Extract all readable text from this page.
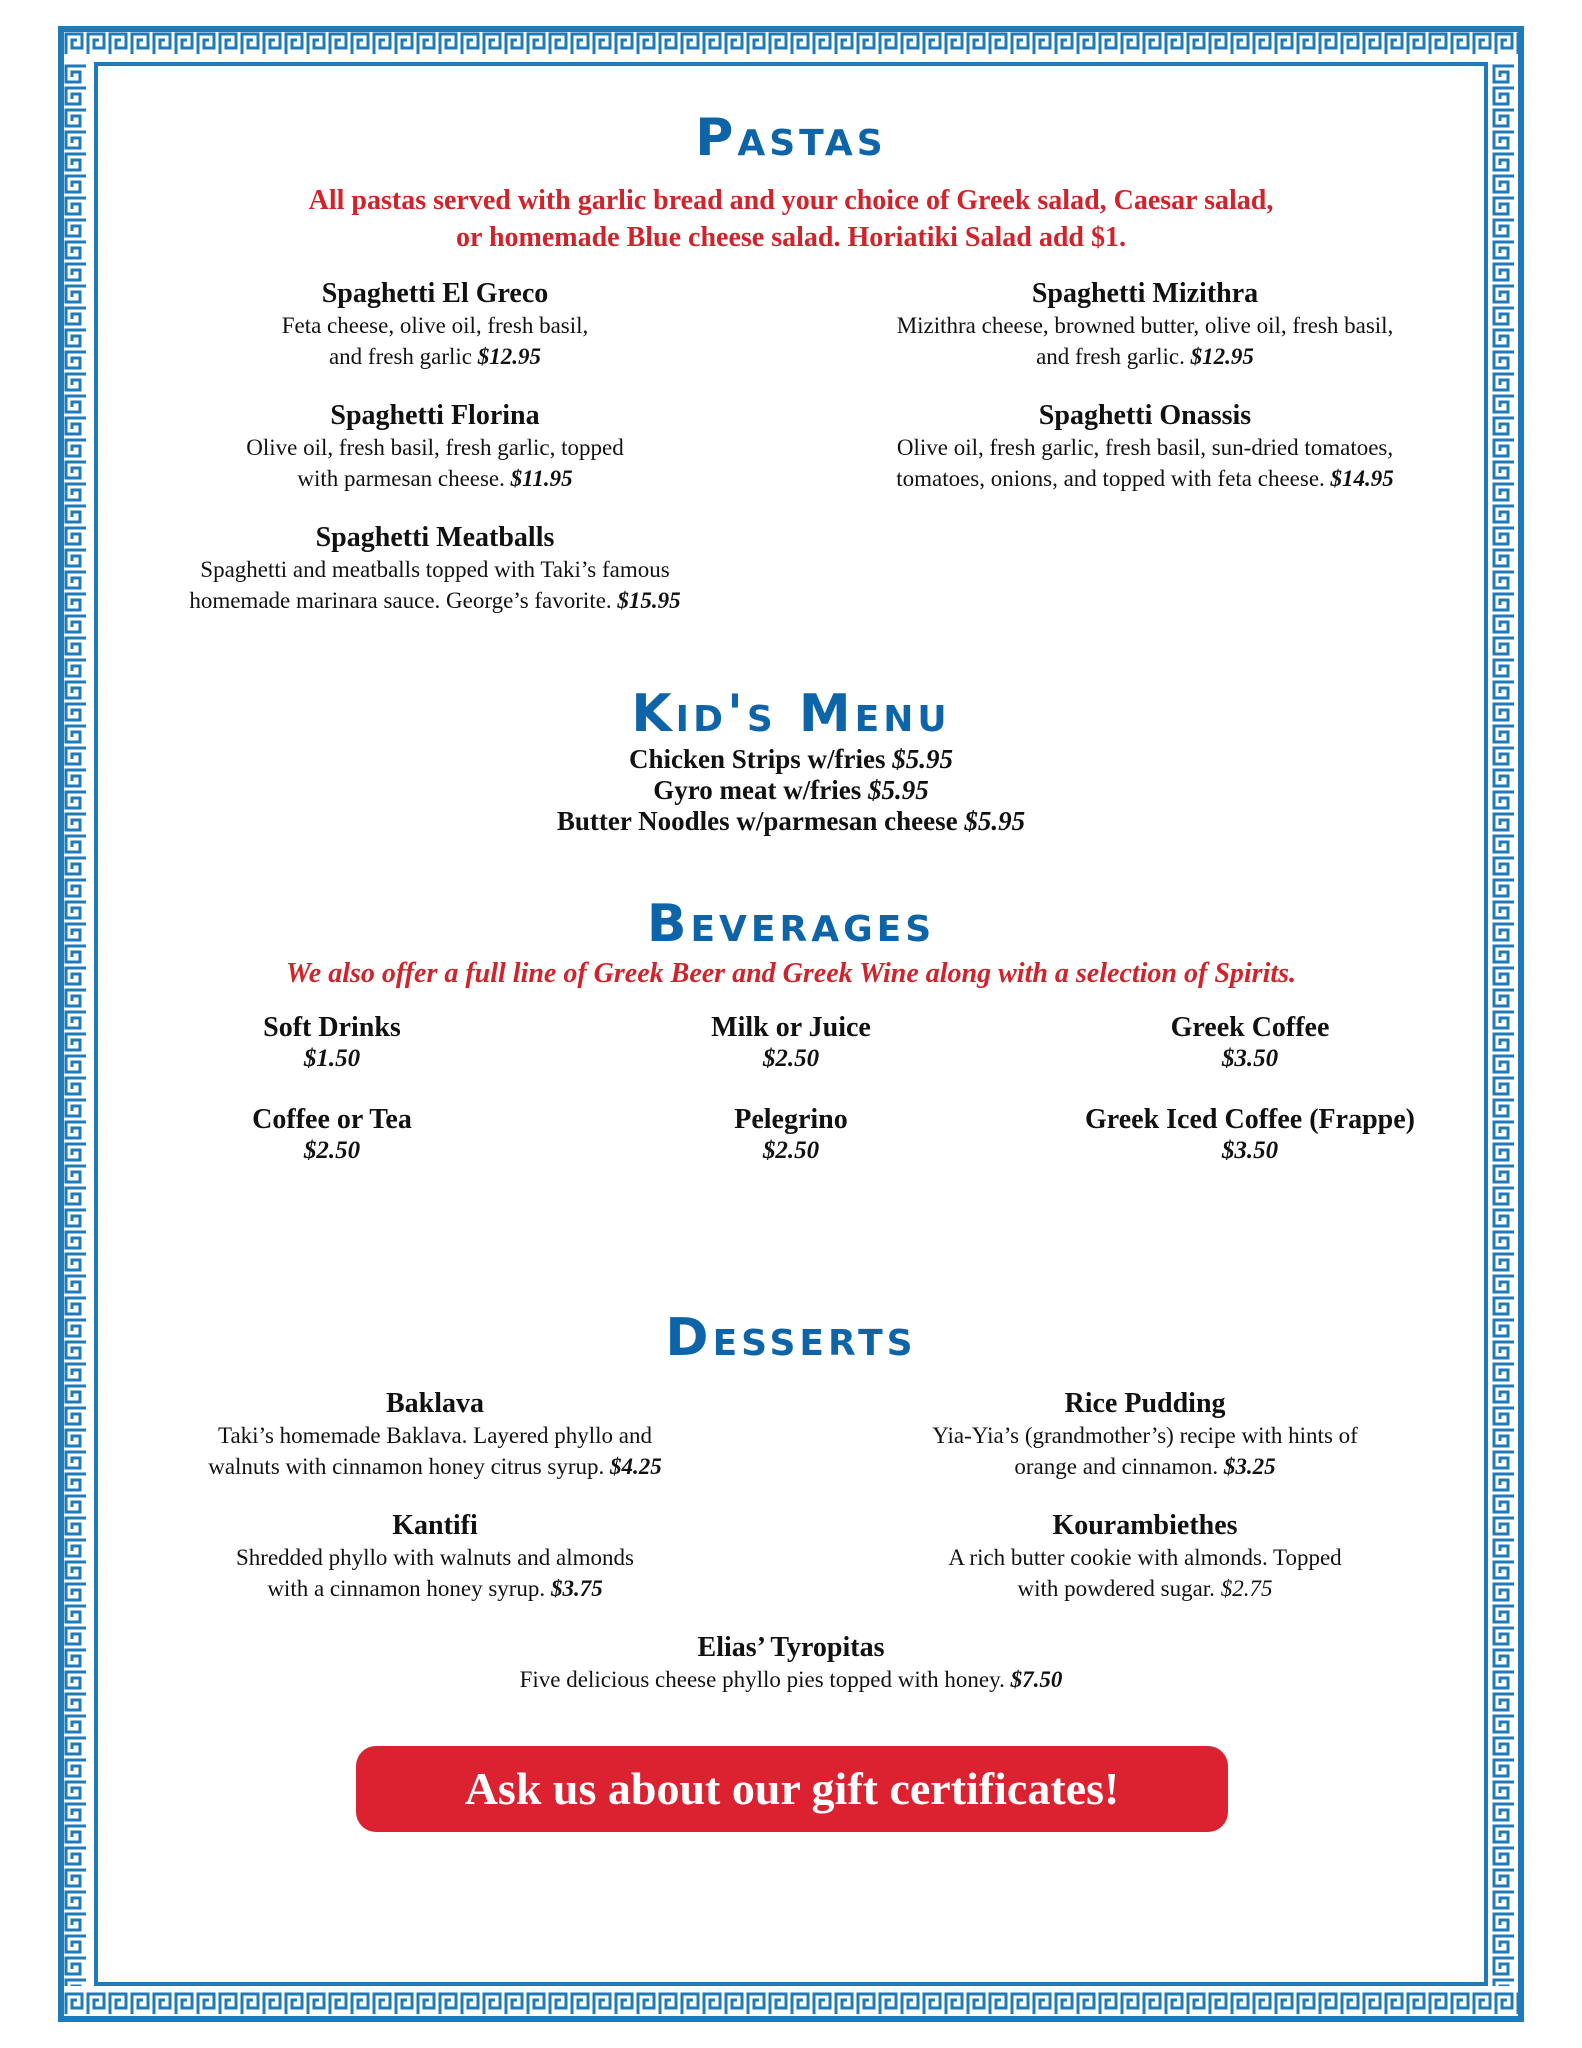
Pastas
All pastas served with garlic bread and your choice of Greek salad, Caesar salad,
or homemade Blue cheese salad. Horiatiki Salad add $1.
Spaghetti El Greco
Feta cheese, olive oil, fresh basil,
and fresh garlic $12.95
Spaghetti Mizithra
Mizithra cheese, browned butter, olive oil, fresh basil,
and fresh garlic. $12.95
Spaghetti Florina
Olive oil, fresh basil, fresh garlic, topped
with parmesan cheese. $11.95
Spaghetti Onassis
Olive oil, fresh garlic, fresh basil, sun-dried tomatoes,
tomatoes, onions, and topped with feta cheese. $14.95
Spaghetti Meatballs
Spaghetti and meatballs topped with Taki’s famous
homemade marinara sauce. George’s favorite. $15.95
Kid's Menu
Chicken Strips w/fries $5.95
Gyro meat w/fries $5.95
Butter Noodles w/parmesan cheese $5.95
Beverages
We also offer a full line of Greek Beer and Greek Wine along with a selection of Spirits.
Soft Drinks
$1.50
Milk or Juice
$2.50
Greek Coffee
$3.50
Coffee or Tea
$2.50
Pelegrino
$2.50
Greek Iced Coffee (Frappe)
$3.50
Desserts
Baklava
Taki’s homemade Baklava. Layered phyllo and
walnuts with cinnamon honey citrus syrup. $4.25
Rice Pudding
Yia-Yia’s (grandmother’s) recipe with hints of
orange and cinnamon. $3.25
Kantifi
Shredded phyllo with walnuts and almonds
with a cinnamon honey syrup. $3.75
Kourambiethes
A rich butter cookie with almonds. Topped
with powdered sugar. $2.75
Elias’ Tyropitas
Five delicious cheese phyllo pies topped with honey. $7.50
Ask us about our gift certificates!
